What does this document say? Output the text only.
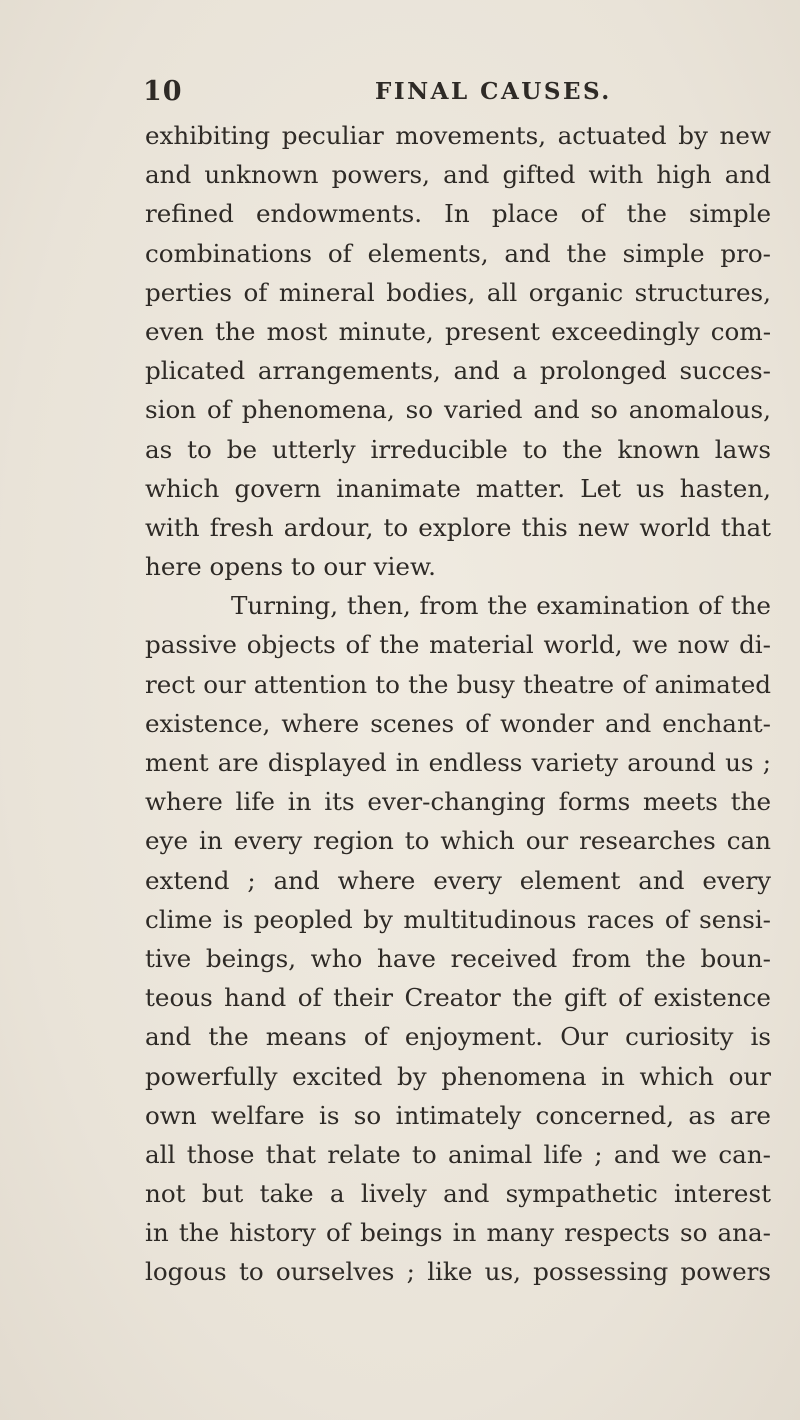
10	FINAL CAUSES.
exhibiting peculiar movements, actuated by new
and unknown powers, and gifted with high and
refined endowments. In place of the simple
combinations of elements, and the simple pro-
perties of mineral bodies, all organic structures,
even the most minute, present exceedingly com-
plicated arrangements, and a prolonged succes-
sion of phenomena, so varied and so anomalous,
as to be utterly irreducible to the known laws
which govern inanimate matter. Let us hasten,
with fresh ardour, to explore this new world that
here opens to our view.
Turning, then, from the examination of the
passive objects of the material world, we now di-
rect our attention to the busy theatre of animated
existence, where scenes of wonder and enchant-
ment are displayed in endless variety around us ;
where life in its ever-changing forms meets the
eye in every region to which our researches can
extend ; and where every element and every
clime is peopled by multitudinous races of sensi-
tive beings, who have received from the boun-
teous hand of their Creator the gift of existence
and the means of enjoyment. Our curiosity is
powerfully excited by phenomena in which our
own welfare is so intimately concerned, as are
all those that relate to animal life ; and we can-
not but take a lively and sympathetic interest
in the history of beings in many respects so ana-
logous to ourselves ; like us, possessing powers
